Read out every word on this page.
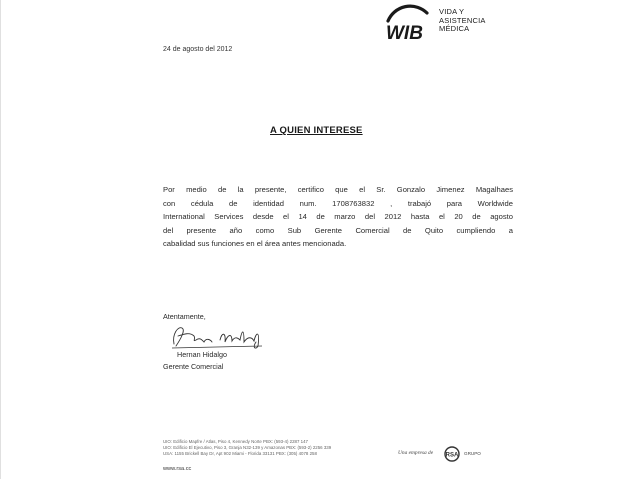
WIB
VIDA Y
ASISTENCIA
MÉDICA
24 de agosto del 2012
A QUIEN INTERESE
Por medio de la presente, certifico que el Sr. Gonzalo Jimenez Magalhaes
con cédula de identidad num. 1708763832 , trabajó para Worldwide
International Services desde el 14 de marzo del 2012 hasta el 20 de agosto
del presente año como Sub Gerente Comercial de Quito cumpliendo a
cabalidad sus funciones en el área antes mencionada.
Atentamente,
Hernan Hidalgo
Gerente Comercial
UIO: Edificio Mapfre / Atlas, Piso 4, Kennedy Norte PBX: (593-4) 2287 147
UIO: Edificio El Ejecutivo, Piso 3, Granja N32-139 y Amazonas PBX: (593-2) 2256 339
USA: 1155 Brickell Bay Dr, Apt 902 Miami - Florida 33131 PBX: (305) 4078 258
www.rsa.cc
Una empresa de RSA GRUPO
